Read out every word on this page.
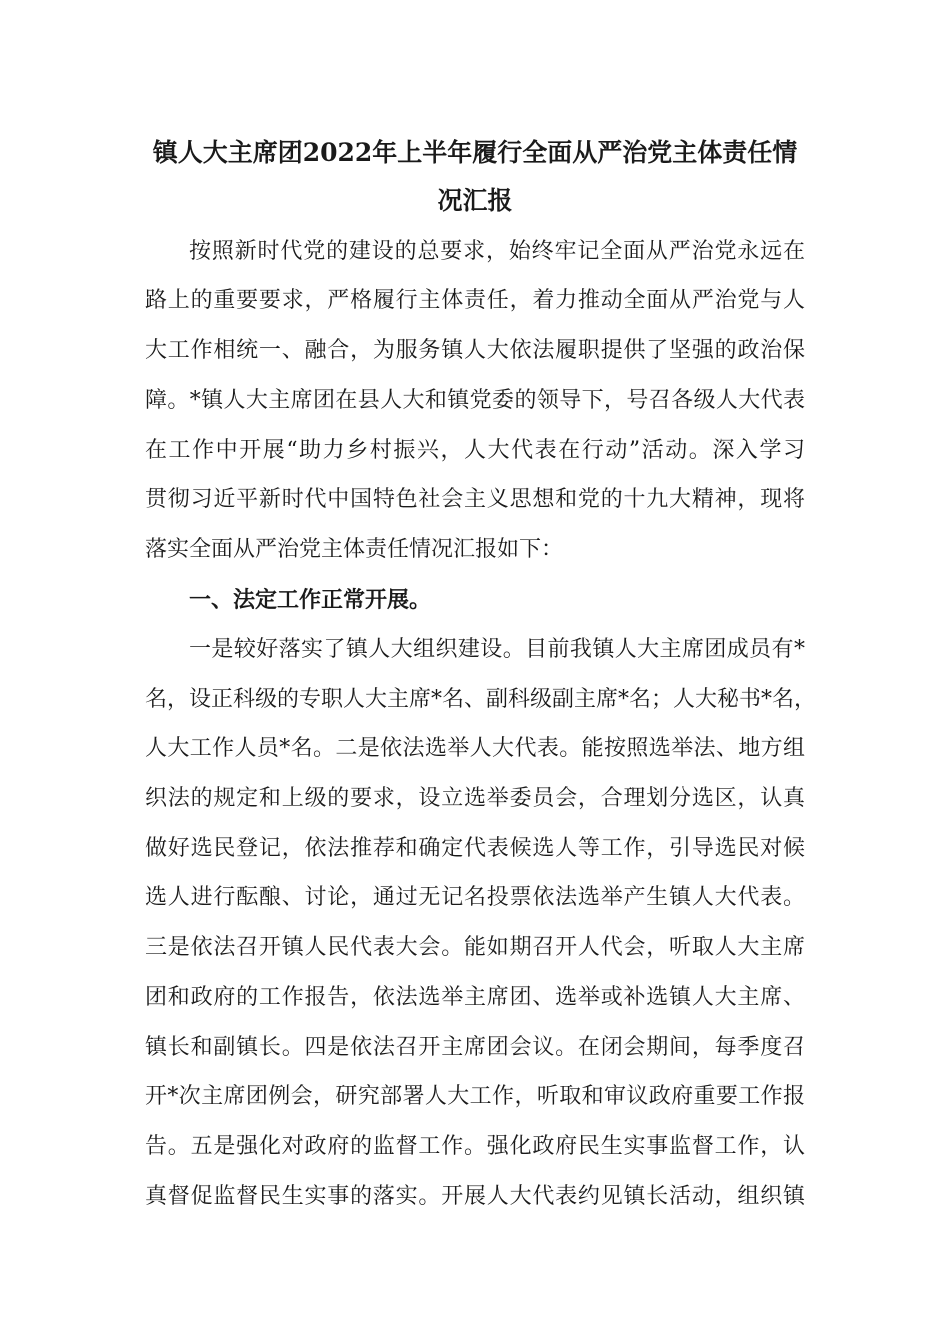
镇人大主席团2022年上半年履行全面从严治党主体责任情
况汇报

按照新时代党的建设的总要求，始终牢记全面从严治党永远在

路上的重要要求，严格履行主体责任，着力推动全面从严治党与人

大工作相统一、融合，为服务镇人大依法履职提供了坚强的政治保

障。*镇人大主席团在县人大和镇党委的领导下，号召各级人大代表

在工作中开展“助力乡村振兴，人大代表在行动”活动。深入学习

贯彻习近平新时代中国特色社会主义思想和党的十九大精神，现将

落实全面从严治党主体责任情况汇报如下：

一、法定工作正常开展。

一是较好落实了镇人大组织建设。目前我镇人大主席团成员有*

名，设正科级的专职人大主席*名、副科级副主席*名；人大秘书*名，

人大工作人员*名。二是依法选举人大代表。能按照选举法、地方组

织法的规定和上级的要求，设立选举委员会，合理划分选区，认真

做好选民登记，依法推荐和确定代表候选人等工作，引导选民对候

选人进行酝酿、讨论，通过无记名投票依法选举产生镇人大代表。

三是依法召开镇人民代表大会。能如期召开人代会，听取人大主席

团和政府的工作报告，依法选举主席团、选举或补选镇人大主席、

镇长和副镇长。四是依法召开主席团会议。在闭会期间，每季度召

开*次主席团例会，研究部署人大工作，听取和审议政府重要工作报

告。五是强化对政府的监督工作。强化政府民生实事监督工作，认

真督促监督民生实事的落实。开展人大代表约见镇长活动，组织镇
